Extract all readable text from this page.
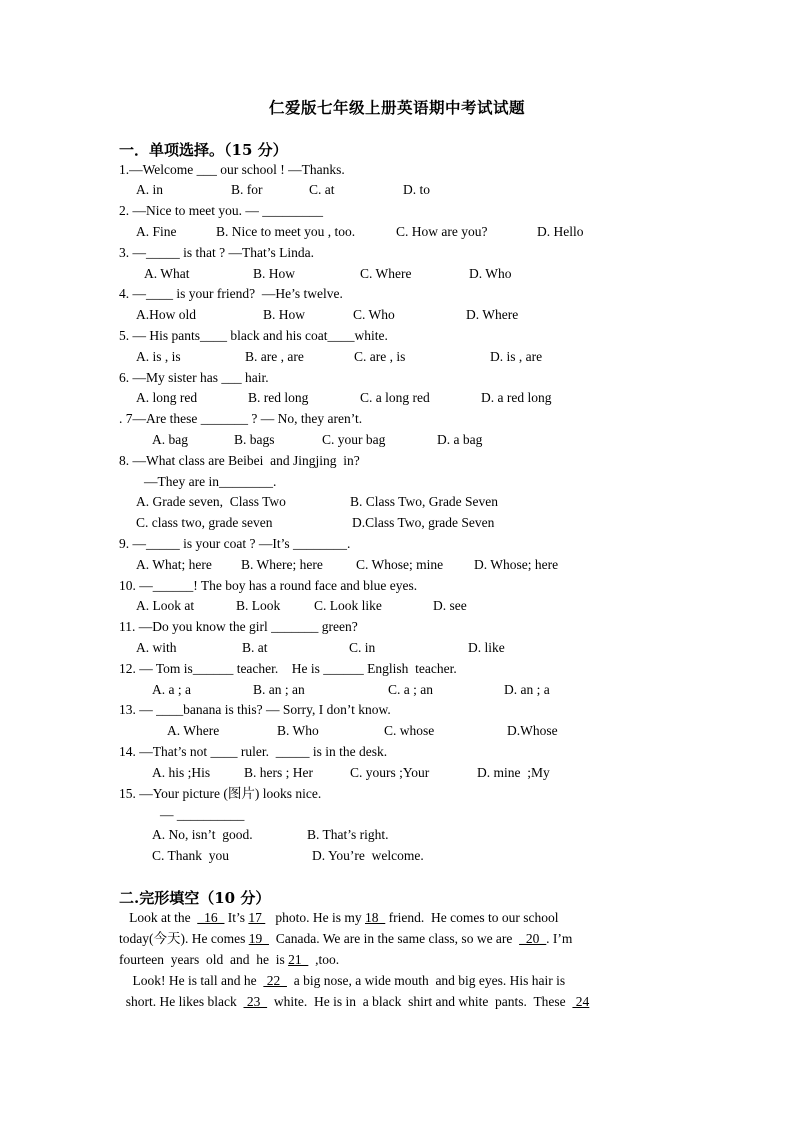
仁爱版七年级上册英语期中考试试题
一．单项选择。（15 分）
1.—Welcome ___ our school ! —Thanks.
A. in	B. for	C. at	D. to
2. —Nice to meet you. — _________
A. Fine	B. Nice to meet you , too.	C. How are you?	D. Hello
3. —_____ is that ? —That’s Linda.
A. What	B. How	C. Where	D. Who
4. —____ is your friend?  —He’s twelve.
A.How old	B. How	C. Who	D. Where
5. — His pants____ black and his coat____white.
A. is , is	B. are , are	C. are , is	D. is , are
6. —My sister has ___ hair.
A. long red	B. red long	C. a long red	D. a red long
. 7—Are these _______ ? — No, they aren’t.
A. bag	B. bags	C. your bag	D. a bag
8. —What class are Beibei  and Jingjing  in?
—They are in________.
A. Grade seven,  Class Two	B. Class Two, Grade Seven
C. class two, grade seven	D.Class Two, grade Seven
9. —_____ is your coat ? —It’s ________.
A. What; here B. Where; here C. Whose; mine D. Whose; here
10. —______! The boy has a round face and blue eyes.
A. Look at	B. Look C. Look like	D. see
11. —Do you know the girl _______ green?
A. with	B. at	C. in	D. like
12. — Tom is______ teacher.    He is ______ English  teacher.
A. a ; a	B. an ; an	C. a ; an	D. an ; a
13. — ____banana is this? — Sorry, I don’t know.
A. Where	B. Who	C. whose	D.Whose
14. —That’s not ____ ruler.  _____ is in the desk.
A. his ;His	B. hers ; Her	C. yours ;Your	D. mine  ;My
15. —Your picture (图片) looks nice.
— __________
A. No, isn’t  good.	B. That’s right.
C. Thank  you	D. You’re  welcome.
二.完形填空（10 分）
Look at the  _16_ It’s 17    photo. He is my 18   friend.  He comes to our school
today(今天). He comes 19    Canada. We are in the same class, so we are  _20_. I’m
fourteen  years  old  and  he  is 21    ,too.
Look! He is tall and he   22    a big nose, a wide mouth  and big eyes. His hair is
short. He likes black   23    white.  He is in  a black  shirt and white  pants.  These   24
